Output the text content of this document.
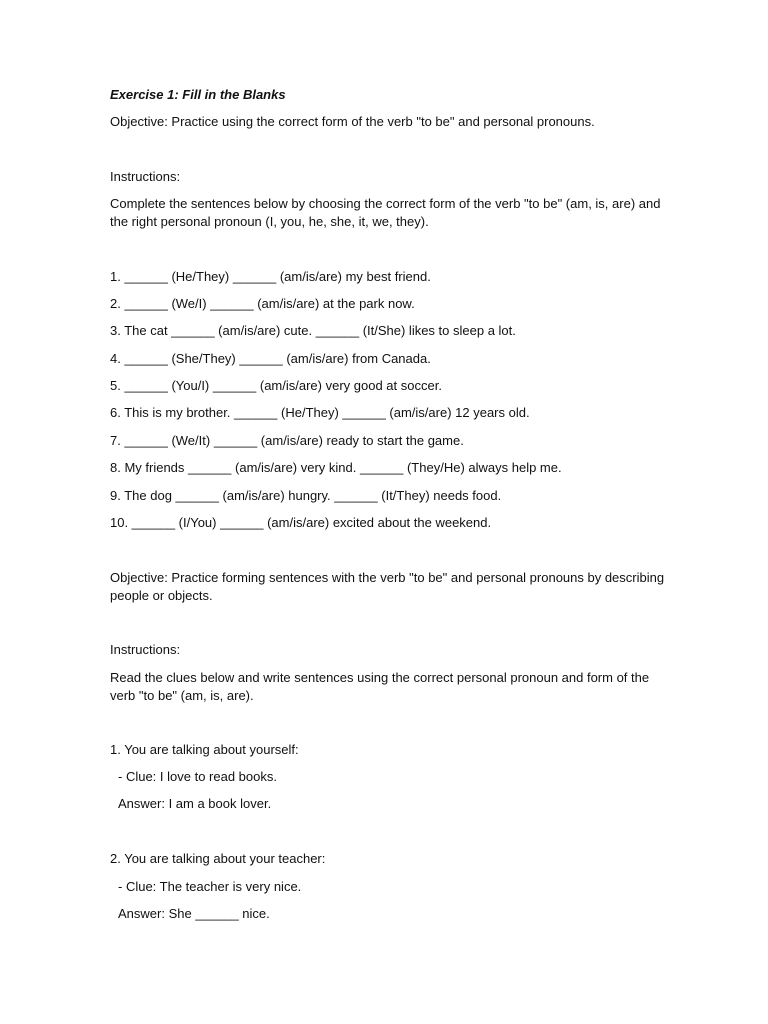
Exercise 1: Fill in the Blanks
Objective: Practice using the correct form of the verb "to be" and personal pronouns.
Instructions:
Complete the sentences below by choosing the correct form of the verb "to be" (am, is, are) and the right personal pronoun (I, you, he, she, it, we, they).
1. ______ (He/They) ______ (am/is/are) my best friend.
2. ______ (We/I) ______ (am/is/are) at the park now.
3. The cat ______ (am/is/are) cute. ______ (It/She) likes to sleep a lot.
4. ______ (She/They) ______ (am/is/are) from Canada.
5. ______ (You/I) ______ (am/is/are) very good at soccer.
6. This is my brother. ______ (He/They) ______ (am/is/are) 12 years old.
7. ______ (We/It) ______ (am/is/are) ready to start the game.
8. My friends ______ (am/is/are) very kind. ______ (They/He) always help me.
9. The dog ______ (am/is/are) hungry. ______ (It/They) needs food.
10. ______ (I/You) ______ (am/is/are) excited about the weekend.
Objective: Practice forming sentences with the verb "to be" and personal pronouns by describing people or objects.
Instructions:
Read the clues below and write sentences using the correct personal pronoun and form of the verb "to be" (am, is, are).
1. You are talking about yourself:
- Clue: I love to read books.
Answer: I am a book lover.
2. You are talking about your teacher:
- Clue: The teacher is very nice.
Answer: She ______ nice.
